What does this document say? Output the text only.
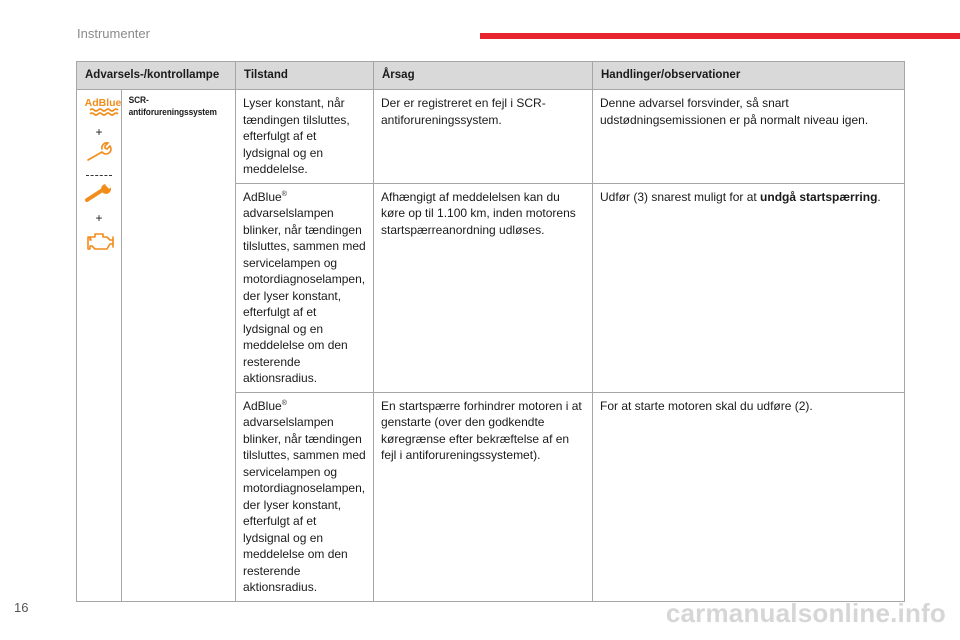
Instrumenter
Advarsels-/kontrollampe		Tilstand	Årsag	Handlinger/observationer

AdBlue
+
+	SCR-antiforureningssystem	Lyser konstant, når tændingen tilsluttes, efterfulgt af et lydsignal og en meddelelse.	Der er registreret en fejl i SCR-antiforureningssystem.	Denne advarsel forsvinder, så snart udstødningsemissionen er på normalt niveau igen.
		AdBlue®
advarselslampen blinker, når tændingen tilsluttes, sammen med servicelampen og motordiagnoselampen, der lyser konstant, efterfulgt af et lydsignal og en meddelelse om den resterende aktionsradius.	Afhængigt af meddelelsen kan du køre op til 1.100 km, inden motorens startspærreanordning udløses.	Udfør (3) snarest muligt for at undgå startspærring.
		AdBlue®
advarselslampen blinker, når tændingen tilsluttes, sammen med servicelampen og motordiagnoselampen, der lyser konstant, efterfulgt af et lydsignal og en meddelelse om den resterende aktionsradius.	En startspærre forhindrer motoren i at genstarte (over den godkendte køregrænse efter bekræftelse af en fejl i antiforureningssystemet).	For at starte motoren skal du udføre (2).
16	carmanualsonline.info
